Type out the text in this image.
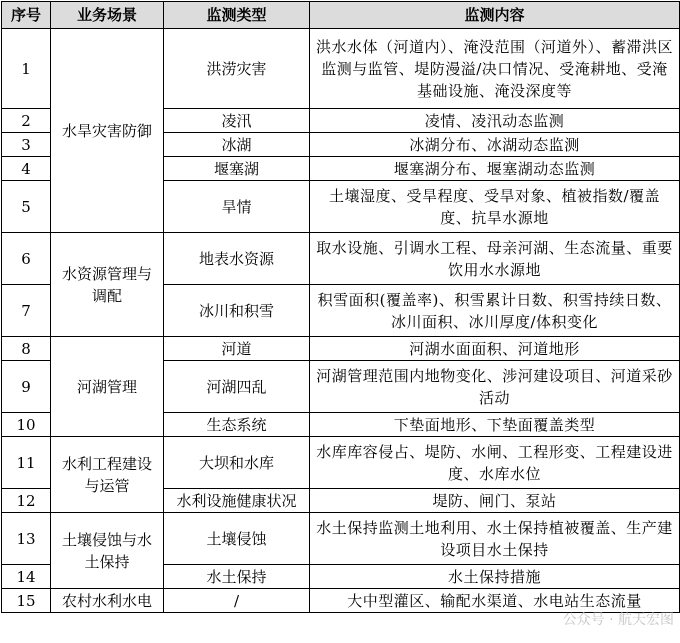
序号	业务场景	监测类型	监测内容
1	水旱灾害防御	洪涝灾害	洪水水体（河道内）、淹没范围（河道外）、蓄滞洪区监测与监管、堤防漫溢/决口情况、受淹耕地、受淹基础设施、淹没深度等
2		凌汛	凌情、凌汛动态监测
3		冰湖	冰湖分布、冰湖动态监测
4		堰塞湖	堰塞湖分布、堰塞湖动态监测
5		旱情	土壤湿度、受旱程度、受旱对象、植被指数/覆盖度、抗旱水源地
6	水资源管理与调配	地表水资源	取水设施、引调水工程、母亲河湖、生态流量、重要饮用水水源地
7		冰川和积雪	积雪面积(覆盖率)、积雪累计日数、积雪持续日数、冰川面积、冰川厚度/体积变化
8	河湖管理	河道	河湖水面面积、河道地形
9		河湖四乱	河湖管理范围内地物变化、涉河建设项目、河道采砂活动
10		生态系统	下垫面地形、下垫面覆盖类型
11	水利工程建设与运管	大坝和水库	水库库容侵占、堤防、水闸、工程形变、工程建设进度、水库水位
12		水利设施健康状况	堤防、闸门、泵站
13	土壤侵蚀与水土保持	土壤侵蚀	水土保持监测土地利用、水土保持植被覆盖、生产建设项目水土保持
14		水土保持	水土保持措施
15	农村水利水电	/	大中型灌区、输配水渠道、水电站生态流量
公众号 · 航天宏图
